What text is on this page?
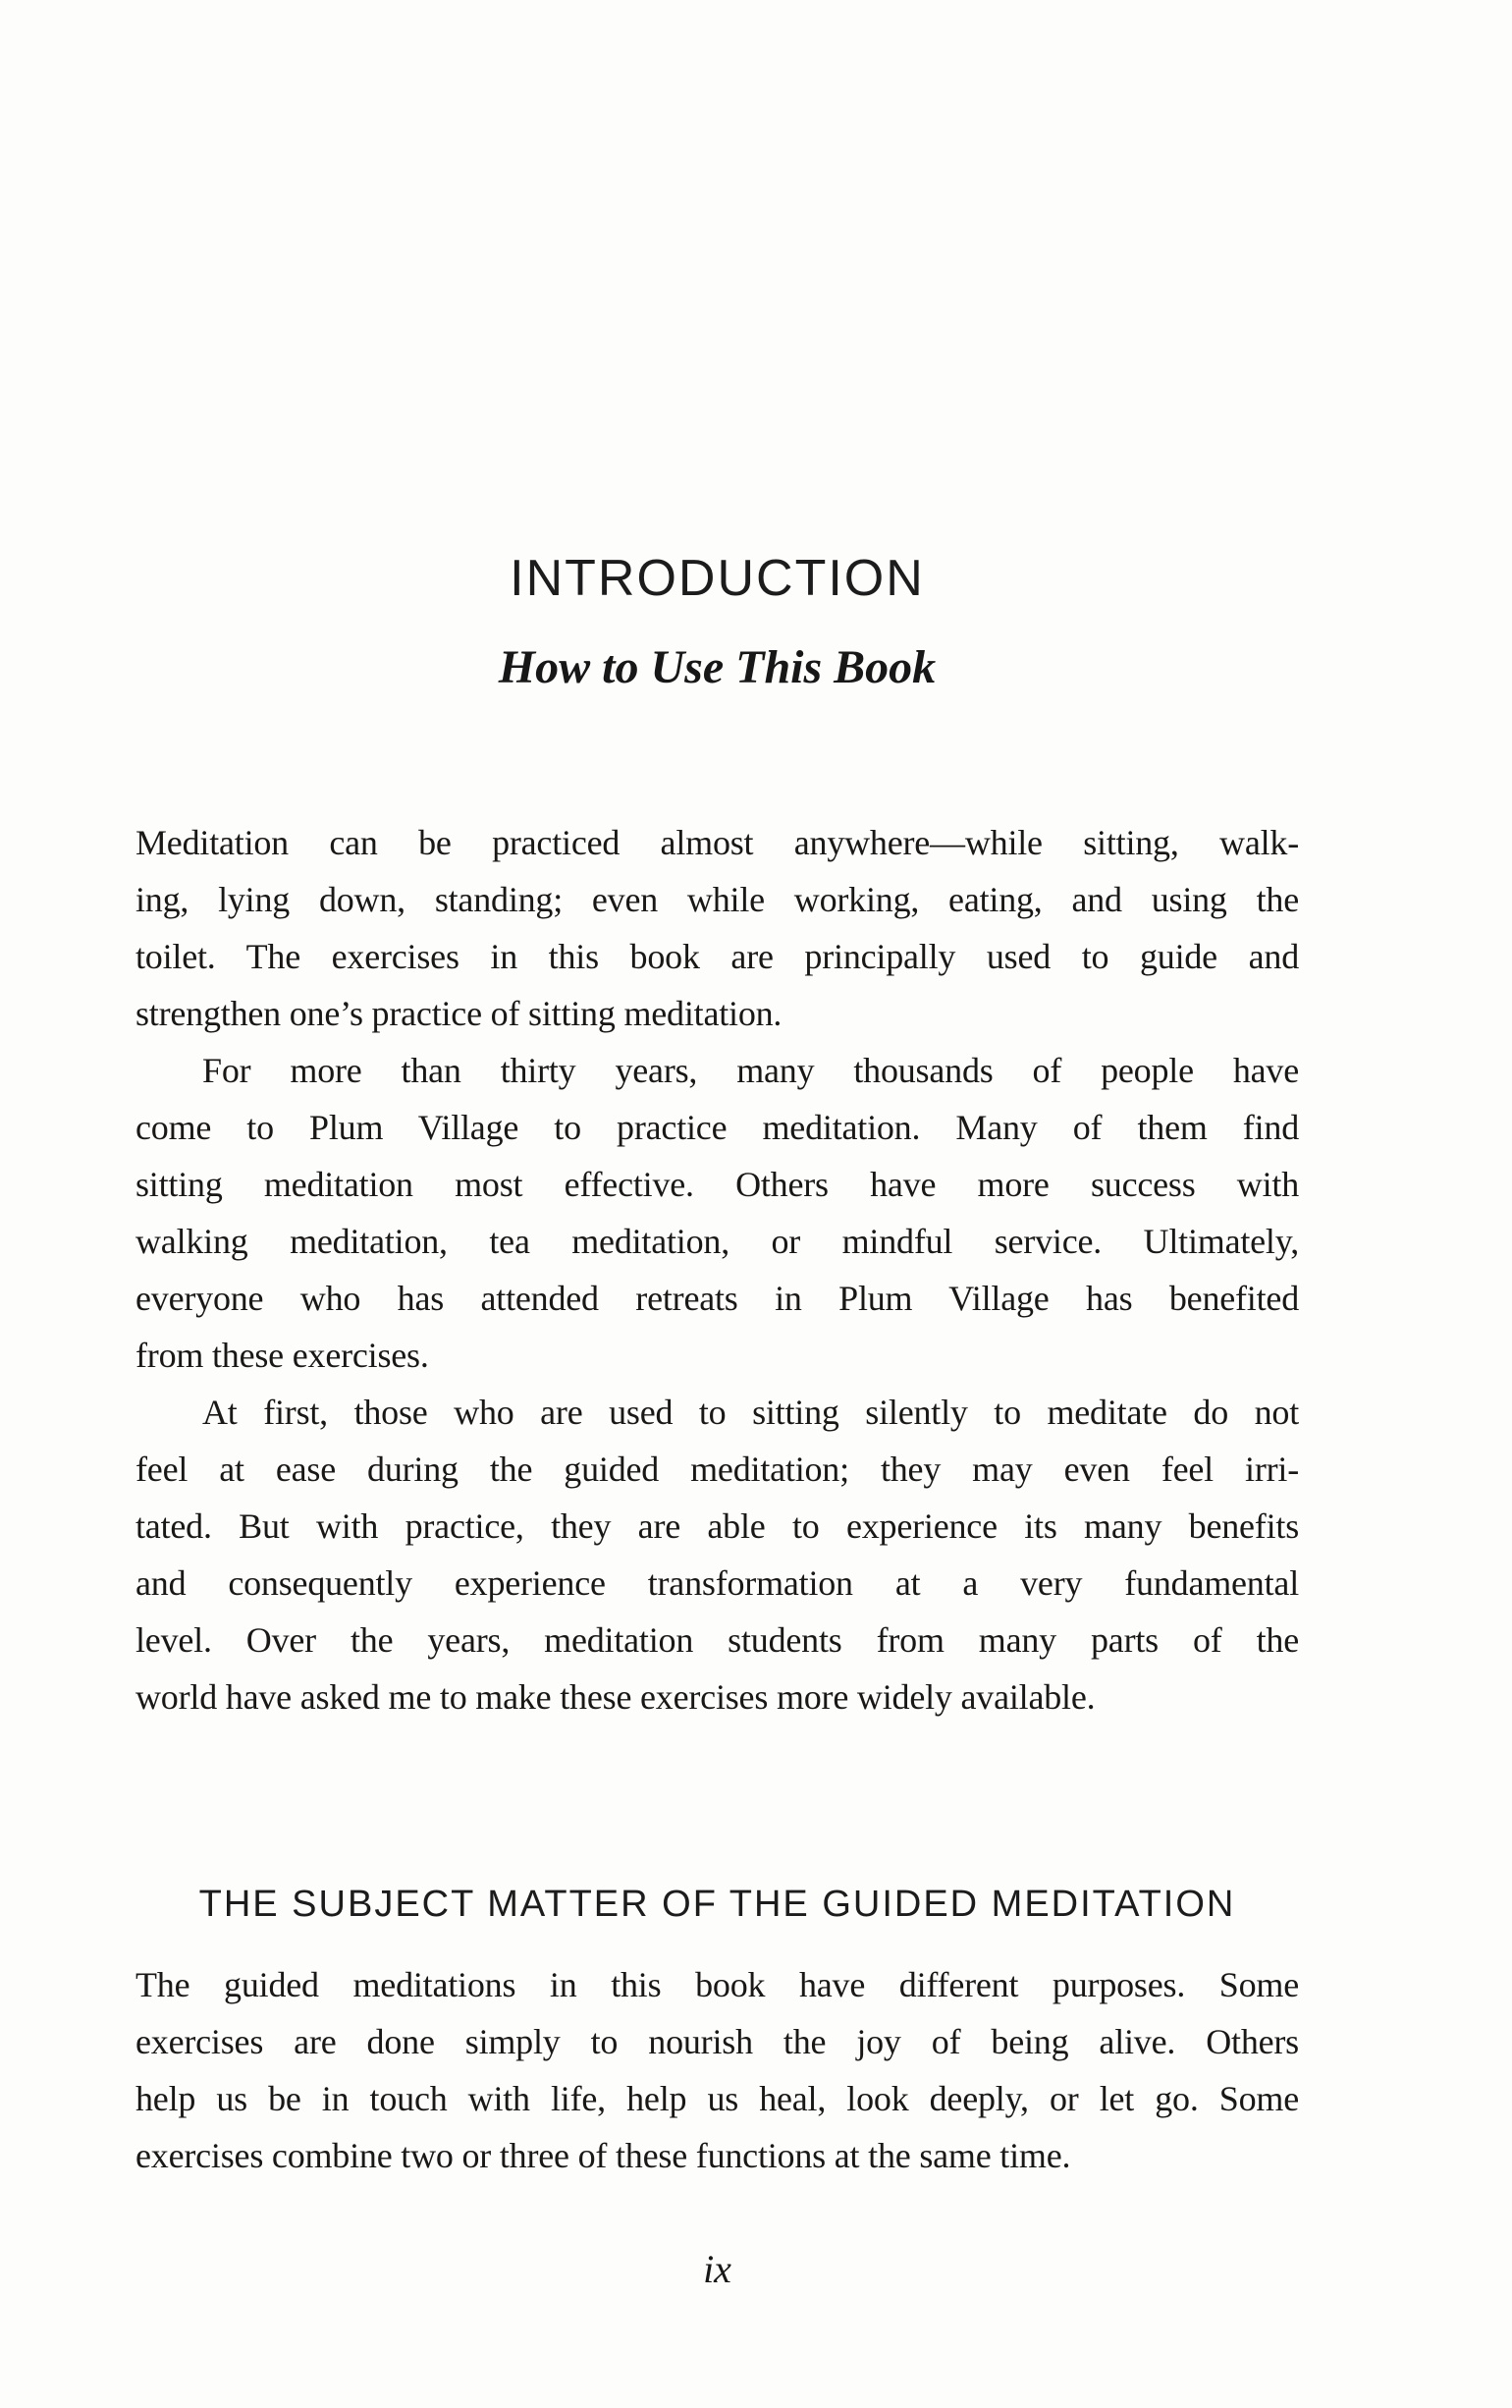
INTRODUCTION
How to Use This Book
Meditation can be practiced almost anywhere—while sitting, walk-
ing, lying down, standing; even while working, eating, and using the
toilet. The exercises in this book are principally used to guide and
strengthen one’s practice of sitting meditation.
For more than thirty years, many thousands of people have
come to Plum Village to practice meditation. Many of them find
sitting meditation most effective. Others have more success with
walking meditation, tea meditation, or mindful service. Ultimately,
everyone who has attended retreats in Plum Village has benefited
from these exercises.
At first, those who are used to sitting silently to meditate do not
feel at ease during the guided meditation; they may even feel irri-
tated. But with practice, they are able to experience its many benefits
and consequently experience transformation at a very fundamental
level. Over the years, meditation students from many parts of the
world have asked me to make these exercises more widely available.
THE SUBJECT MATTER OF THE GUIDED MEDITATION
The guided meditations in this book have different purposes. Some
exercises are done simply to nourish the joy of being alive. Others
help us be in touch with life, help us heal, look deeply, or let go. Some
exercises combine two or three of these functions at the same time.
ix
